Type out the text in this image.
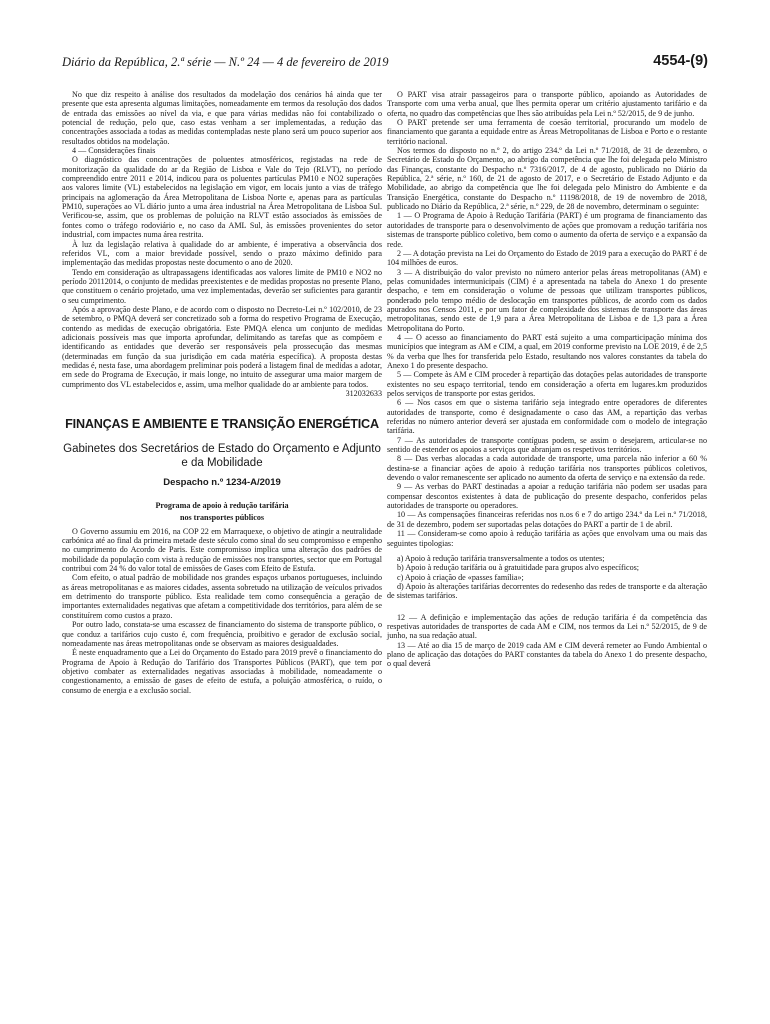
Diário da República, 2.ª série — N.º 24 — 4 de fevereiro de 2019	4554-(9)

No que diz respeito à análise dos resultados da modelação dos cenários há ainda que ter presente que esta apresenta algumas limitações, nomeadamente em termos da resolução dos dados de entrada das emissões ao nível da via, e que para várias medidas não foi contabilizado o potencial de redução, pelo que, caso estas venham a ser implementadas, a redução das concentrações associada a todas as medidas contempladas neste plano será um pouco superior aos resultados obtidos na modelação.

4 — Considerações finais

O diagnóstico das concentrações de poluentes atmosféricos, registadas na rede de monitorização da qualidade do ar da Região de Lisboa e Vale do Tejo (RLVT), no período compreendido entre 2011 e 2014, indicou para os poluentes partículas PM10 e NO2 superações aos valores limite (VL) estabelecidos na legislação em vigor, em locais junto a vias de tráfego principais na aglomeração da Área Metropolitana de Lisboa Norte e, apenas para as partículas PM10, superações ao VL diário junto a uma área industrial na Área Metropolitana de Lisboa Sul. Verificou-se, assim, que os problemas de poluição na RLVT estão associados às emissões de fontes como o tráfego rodoviário e, no caso da AML Sul, às emissões provenientes do setor industrial, com impactes numa área restrita.

À luz da legislação relativa à qualidade do ar ambiente, é imperativa a observância dos referidos VL, com a maior brevidade possível, sendo o prazo máximo definido para implementação das medidas propostas neste documento o ano de 2020.

Tendo em consideração as ultrapassagens identificadas aos valores limite de PM10 e NO2 no período 20112014, o conjunto de medidas preexistentes e de medidas propostas no presente Plano, que constituem o cenário projetado, uma vez implementadas, deverão ser suficientes para garantir o seu cumprimento.

Após a aprovação deste Plano, e de acordo com o disposto no Decreto-Lei n.º 102/2010, de 23 de setembro, o PMQA deverá ser concretizado sob a forma do respetivo Programa de Execução, contendo as medidas de execução obrigatória. Este PMQA elenca um conjunto de medidas adicionais possíveis mas que importa aprofundar, delimitando as tarefas que as compõem e identificando as entidades que deverão ser responsáveis pela prossecução das mesmas (determinadas em função da sua jurisdição em cada matéria específica). A proposta destas medidas é, nesta fase, uma abordagem preliminar pois poderá a listagem final de medidas a adotar, em sede do Programa de Execução, ir mais longe, no intuito de assegurar uma maior margem de cumprimento dos VL estabelecidos e, assim, uma melhor qualidade do ar ambiente para todos.

312032633

FINANÇAS E AMBIENTE E TRANSIÇÃO ENERGÉTICA
Gabinetes dos Secretários de Estado do Orçamento e Adjunto e da Mobilidade
Despacho n.º 1234-A/2019
Programa de apoio à redução tarifária
nos transportes públicos

O Governo assumiu em 2016, na COP 22 em Marraquexe, o objetivo de atingir a neutralidade carbónica até ao final da primeira metade deste século como sinal do seu compromisso e empenho no cumprimento do Acordo de Paris. Este compromisso implica uma alteração dos padrões de mobilidade da população com vista à redução de emissões nos transportes, sector que em Portugal contribui com 24 % do valor total de emissões de Gases com Efeito de Estufa.

Com efeito, o atual padrão de mobilidade nos grandes espaços urbanos portugueses, incluindo as áreas metropolitanas e as maiores cidades, assenta sobretudo na utilização de veículos privados em detrimento do transporte público. Esta realidade tem como consequência a geração de importantes externalidades negativas que afetam a competitividade dos territórios, para além de se constituírem como custos a prazo.

Por outro lado, constata-se uma escassez de financiamento do sistema de transporte público, o que conduz a tarifários cujo custo é, com frequência, proibitivo e gerador de exclusão social, nomeadamente nas áreas metropolitanas onde se observam as maiores desigualdades.

É neste enquadramento que a Lei do Orçamento do Estado para 2019 prevê o financiamento do Programa de Apoio à Redução do Tarifário dos Transportes Públicos (PART), que tem por objetivo combater as externalidades negativas associadas à mobilidade, nomeadamente o congestionamento, a emissão de gases de efeito de estufa, a poluição atmosférica, o ruído, o consumo de energia e a exclusão social.

O PART visa atrair passageiros para o transporte público, apoiando as Autoridades de Transporte com uma verba anual, que lhes permita operar um critério ajustamento tarifário e da oferta, no quadro das competências que lhes são atribuídas pela Lei n.º 52/2015, de 9 de junho.

O PART pretende ser uma ferramenta de coesão territorial, procurando um modelo de financiamento que garanta a equidade entre as Áreas Metropolitanas de Lisboa e Porto e o restante território nacional.

Nos termos do disposto no n.º 2, do artigo 234.º da Lei n.º 71/2018, de 31 de dezembro, o Secretário de Estado do Orçamento, ao abrigo da competência que lhe foi delegada pelo Ministro das Finanças, constante do Despacho n.º 7316/2017, de 4 de agosto, publicado no Diário da República, 2.ª série, n.º 160, de 21 de agosto de 2017, e o Secretário de Estado Adjunto e da Mobilidade, ao abrigo da competência que lhe foi delegada pelo Ministro do Ambiente e da Transição Energética, constante do Despacho n.º 11198/2018, de 19 de novembro de 2018, publicado no Diário da República, 2.ª série, n.º 229, de 28 de novembro, determinam o seguinte:

1 — O Programa de Apoio à Redução Tarifária (PART) é um programa de financiamento das autoridades de transporte para o desenvolvimento de ações que promovam a redução tarifária nos sistemas de transporte público coletivo, bem como o aumento da oferta de serviço e a expansão da rede.

2 — A dotação prevista na Lei do Orçamento do Estado de 2019 para a execução do PART é de 104 milhões de euros.

3 — A distribuição do valor previsto no número anterior pelas áreas metropolitanas (AM) e pelas comunidades intermunicipais (CIM) é a apresentada na tabela do Anexo 1 do presente despacho, e tem em consideração o volume de pessoas que utilizam transportes públicos, ponderado pelo tempo médio de deslocação em transportes públicos, de acordo com os dados apurados nos Censos 2011, e por um fator de complexidade dos sistemas de transporte das áreas metropolitanas, sendo este de 1,9 para a Área Metropolitana de Lisboa e de 1,3 para a Área Metropolitana do Porto.

4 — O acesso ao financiamento do PART está sujeito a uma comparticipação mínima dos municípios que integram as AM e CIM, a qual, em 2019 conforme previsto na LOE 2019, é de 2,5 % da verba que lhes for transferida pelo Estado, resultando nos valores constantes da tabela do Anexo 1 do presente despacho.

5 — Compete às AM e CIM proceder à repartição das dotações pelas autoridades de transporte existentes no seu espaço territorial, tendo em consideração a oferta em lugares.km produzidos pelos serviços de transporte por estas geridos.

6 — Nos casos em que o sistema tarifário seja integrado entre operadores de diferentes autoridades de transporte, como é designadamente o caso das AM, a repartição das verbas referidas no número anterior deverá ser ajustada em conformidade com o modelo de integração tarifária.

7 — As autoridades de transporte contíguas podem, se assim o desejarem, articular-se no sentido de estender os apoios a serviços que abranjam os respetivos territórios.

8 — Das verbas alocadas a cada autoridade de transporte, uma parcela não inferior a 60 % destina-se a financiar ações de apoio à redução tarifária nos transportes públicos coletivos, devendo o valor remanescente ser aplicado no aumento da oferta de serviço e na extensão da rede.

9 — As verbas do PART destinadas a apoiar a redução tarifária não podem ser usadas para compensar descontos existentes à data de publicação do presente despacho, conferidos pelas autoridades de transporte ou operadores.

10 — As compensações financeiras referidas nos n.os 6 e 7 do artigo 234.º da Lei n.º 71/2018, de 31 de dezembro, podem ser suportadas pelas dotações do PART a partir de 1 de abril.

11 — Consideram-se como apoio à redução tarifária as ações que envolvam uma ou mais das seguintes tipologias:

a) Apoio à redução tarifária transversalmente a todos os utentes;

b) Apoio à redução tarifária ou à gratuitidade para grupos alvo específicos;

c) Apoio à criação de «passes família»;

d) Apoio às alterações tarifárias decorrentes do redesenho das redes de transporte e da alteração de sistemas tarifários.

12 — A definição e implementação das ações de redução tarifária é da competência das respetivas autoridades de transportes de cada AM e CIM, nos termos da Lei n.º 52/2015, de 9 de junho, na sua redação atual.

13 — Até ao dia 15 de março de 2019 cada AM e CIM deverá remeter ao Fundo Ambiental o plano de aplicação das dotações do PART constantes da tabela do Anexo 1 do presente despacho, o qual deverá
